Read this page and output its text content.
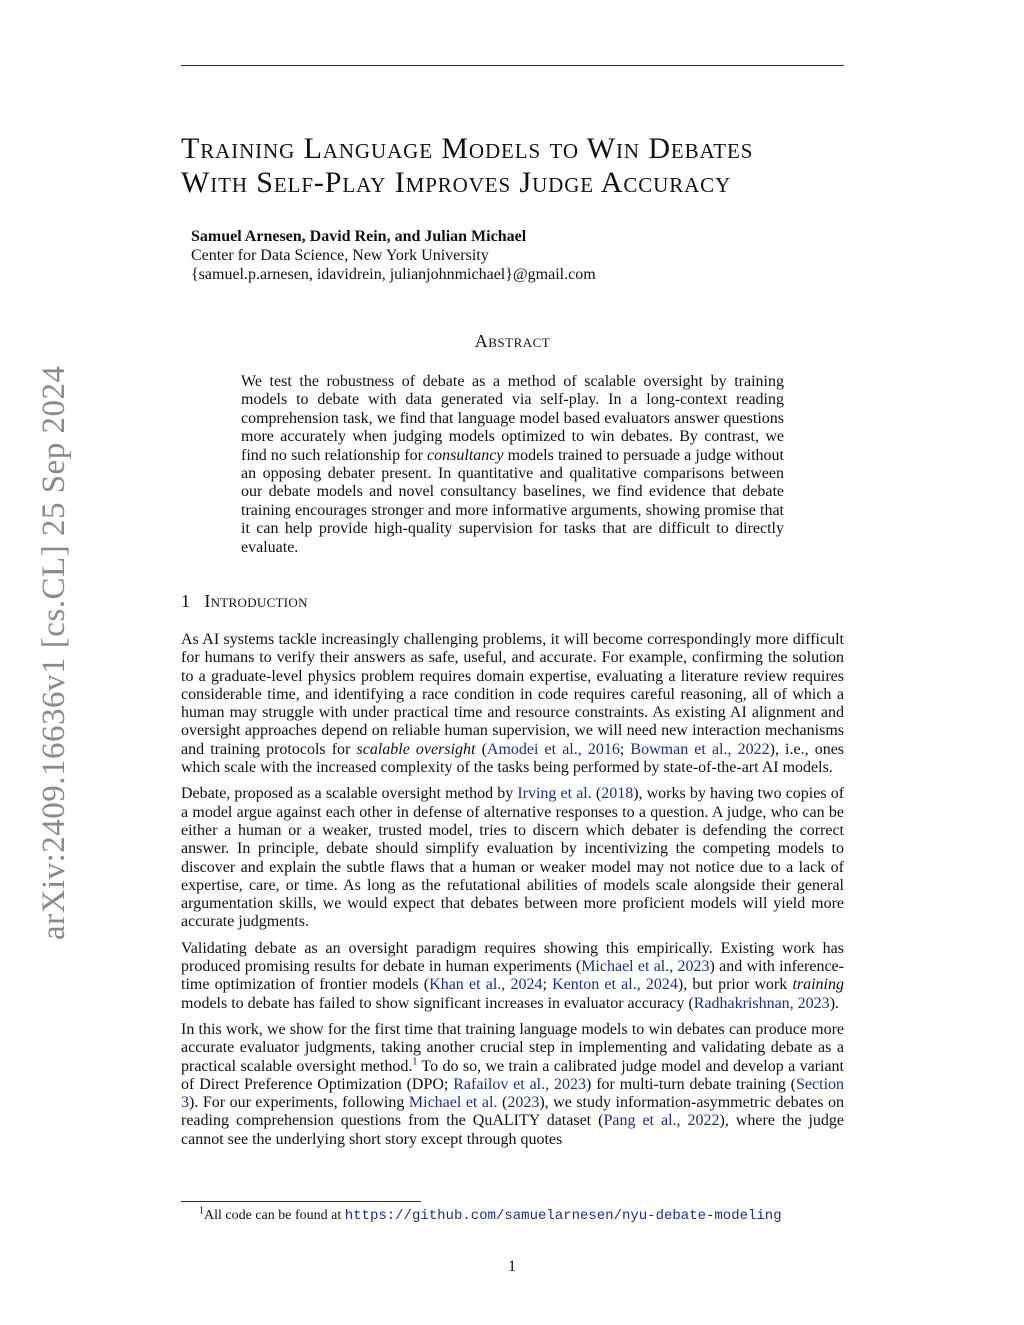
arXiv:2409.16636v1 [cs.CL] 25 Sep 2024
Training Language Models to Win Debates
With Self-Play Improves Judge Accuracy
Samuel Arnesen, David Rein, and Julian Michael
Center for Data Science, New York University
{samuel.p.arnesen, idavidrein, julianjohnmichael}@gmail.com
Abstract
We test the robustness of debate as a method of scalable oversight by training models to debate with data generated via self-play. In a long-context reading comprehension task, we find that language model based evaluators answer questions more accurately when judging models optimized to win debates. By contrast, we find no such relationship for consultancy models trained to persuade a judge without an opposing debater present. In quantitative and qualitative comparisons between our debate models and novel consultancy baselines, we find evidence that debate training encourages stronger and more informative arguments, showing promise that it can help provide high-quality supervision for tasks that are difficult to directly evaluate.
1 Introduction

As AI systems tackle increasingly challenging problems, it will become correspondingly more difficult for humans to verify their answers as safe, useful, and accurate. For example, confirming the solution to a graduate-level physics problem requires domain expertise, evaluating a literature review requires considerable time, and identifying a race condition in code requires careful reasoning, all of which a human may struggle with under practical time and resource constraints. As existing AI alignment and oversight approaches depend on reliable human supervision, we will need new interaction mechanisms and training protocols for scalable oversight (Amodei et al., 2016; Bowman et al., 2022), i.e., ones which scale with the increased complexity of the tasks being performed by state-of-the-art AI models.

Debate, proposed as a scalable oversight method by Irving et al. (2018), works by having two copies of a model argue against each other in defense of alternative responses to a question. A judge, who can be either a human or a weaker, trusted model, tries to discern which debater is defending the correct answer. In principle, debate should simplify evaluation by incentivizing the competing models to discover and explain the subtle flaws that a human or weaker model may not notice due to a lack of expertise, care, or time. As long as the refutational abilities of models scale alongside their general argumentation skills, we would expect that debates between more proficient models will yield more accurate judgments.

Validating debate as an oversight paradigm requires showing this empirically. Existing work has produced promising results for debate in human experiments (Michael et al., 2023) and with inference-time optimization of frontier models (Khan et al., 2024; Kenton et al., 2024), but prior work training models to debate has failed to show significant increases in evaluator accuracy (Radhakrishnan, 2023).

In this work, we show for the first time that training language models to win debates can produce more accurate evaluator judgments, taking another crucial step in implementing and validating debate as a practical scalable oversight method.$^1$ To do so, we train a calibrated judge model and develop a variant of Direct Preference Optimization (DPO; Rafailov et al., 2023) for multi-turn debate training (Section 3). For our experiments, following Michael et al. (2023), we study information-asymmetric debates on reading comprehension questions from the QuALITY dataset (Pang et al., 2022), where the judge cannot see the underlying short story except through quotes

$^1$All code can be found at https://github.com/samuelarnesen/nyu-debate-modeling
1
